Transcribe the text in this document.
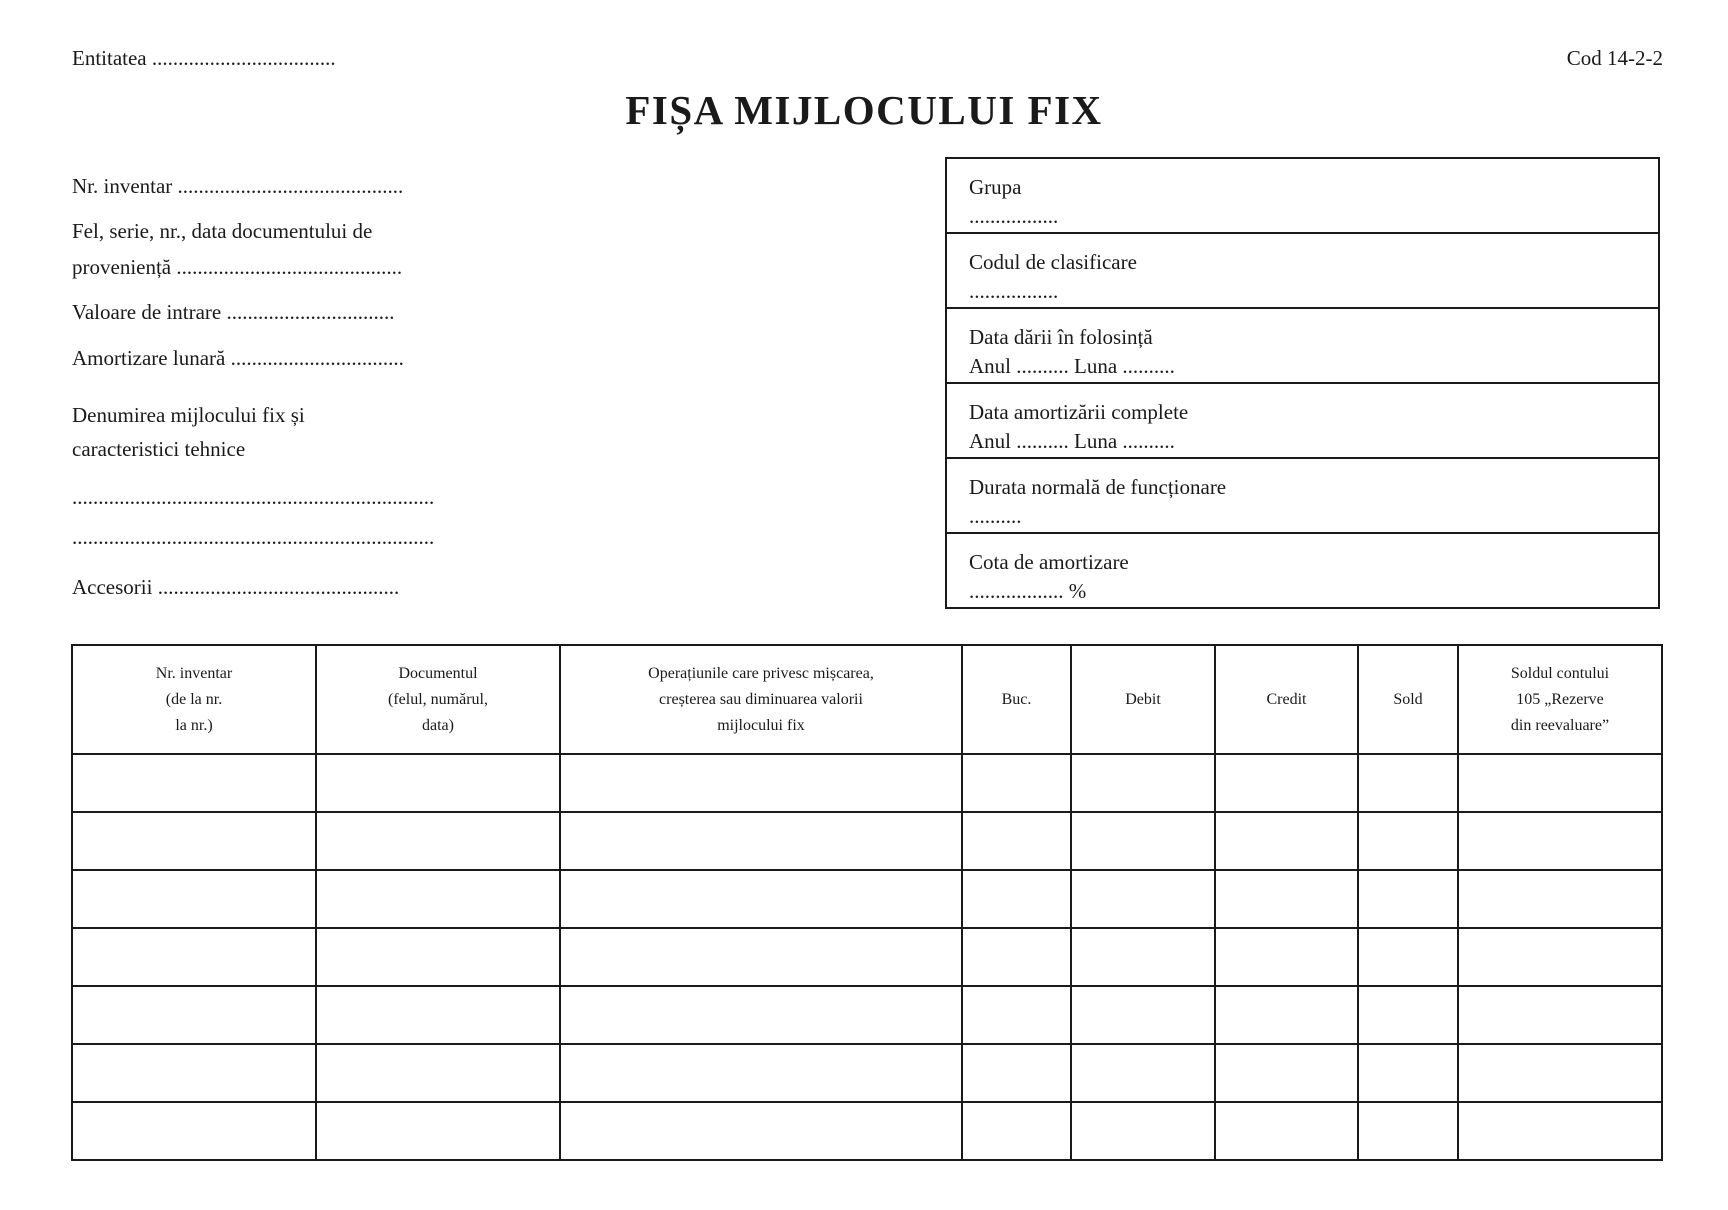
Entitatea ...................................	Cod 14-2-2
FIȘA MIJLOCULUI FIX
Nr. inventar ...........................................
Fel, serie, nr., data documentului de
proveniență ...........................................
Valoare de intrare ................................
Amortizare lunară .................................
Denumirea mijlocului fix și
caracteristici tehnice
.....................................................................
.....................................................................
Accesorii ..............................................
Grupa
.................
Codul de clasificare
.................
Data dării în folosință
Anul .......... Luna ..........
Data amortizării complete
Anul .......... Luna ..........
Durata normală de funcționare
..........
Cota de amortizare
.................. %
Nr. inventar
(de la nr.
la nr.)	Documentul
(felul, numărul,
data)	Operațiunile care privesc mișcarea,
creșterea sau diminuarea valorii
mijlocului fix	Buc.	Debit	Credit	Sold	Soldul contului
105 „Rezerve
din reevaluare”
